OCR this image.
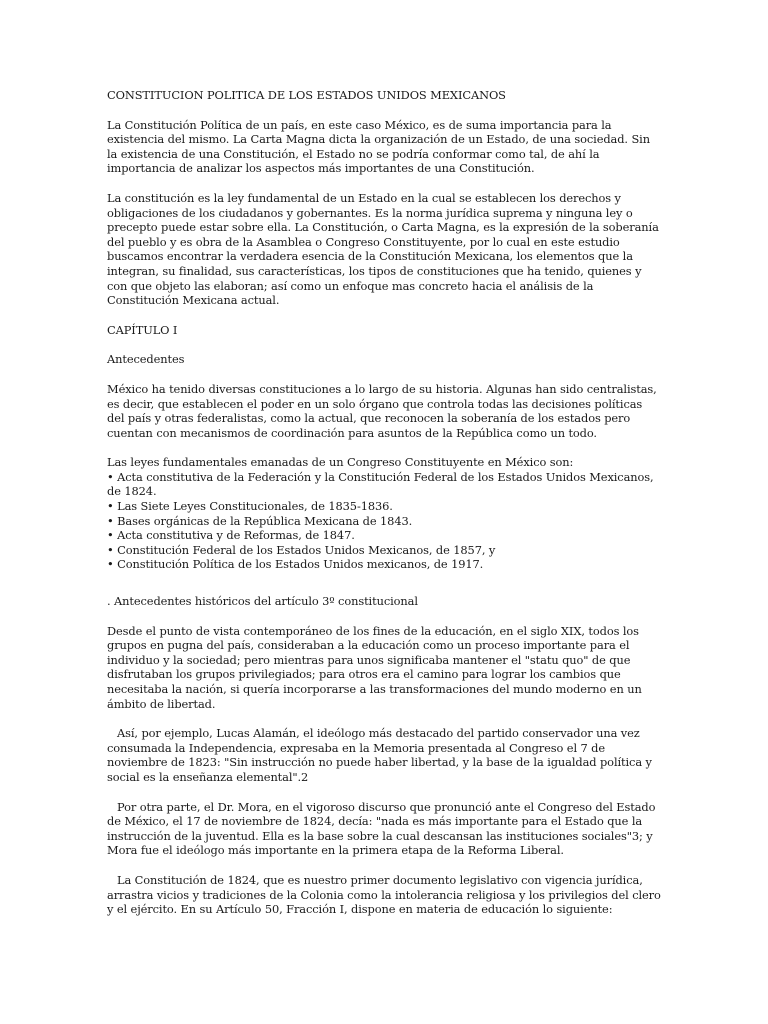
CONSTITUCION POLITICA DE LOS ESTADOS UNIDOS MEXICANOS

La Constitución Política de un país, en este caso México, es de suma importancia para la existencia del mismo. La Carta Magna dicta la organización de un Estado, de una sociedad. Sin la existencia de una Constitución, el Estado no se podría conformar como tal, de ahí la importancia de analizar los aspectos más importantes de una Constitución.

La constitución es la ley fundamental de un Estado en la cual se establecen los derechos y obligaciones de los ciudadanos y gobernantes. Es la norma jurídica suprema y ninguna ley o precepto puede estar sobre ella. La Constitución, o Carta Magna, es la expresión de la soberanía del pueblo y es obra de la Asamblea o Congreso Constituyente, por lo cual en este estudio buscamos encontrar la verdadera esencia de la Constitución Mexicana, los elementos que la integran, su finalidad, sus características, los tipos de constituciones que ha tenido, quienes y con que objeto las elaboran; así como un enfoque mas concreto hacia el análisis de la Constitución Mexicana actual.

CAPÍTULO I

Antecedentes

México ha tenido diversas constituciones a lo largo de su historia. Algunas han sido centralistas, es decir, que establecen el poder en un solo órgano que controla todas las decisiones políticas del país y otras federalistas, como la actual, que reconocen la soberanía de los estados pero cuentan con mecanismos de coordinación para asuntos de la República como un todo.

Las leyes fundamentales emanadas de un Congreso Constituyente en México son:

• Acta constitutiva de la Federación y la Constitución Federal de los Estados Unidos Mexicanos, de 1824.
• Las Siete Leyes Constitucionales, de 1835-1836.
• Bases orgánicas de la República Mexicana de 1843.
• Acta constitutiva y de Reformas, de 1847.
• Constitución Federal de los Estados Unidos Mexicanos, de 1857, y
• Constitución Política de los Estados Unidos mexicanos, de 1917.

. Antecedentes históricos del artículo 3º constitucional

Desde el punto de vista contemporáneo de los fines de la educación, en el siglo XIX, todos los grupos en pugna del país, consideraban a la educación como un proceso importante para el individuo y la sociedad; pero mientras para unos significaba mantener el "statu quo" de que disfrutaban los grupos privilegiados; para otros era el camino para lograr los cambios que necesitaba la nación, si quería incorporarse a las transformaciones del mundo moderno en un ámbito de libertad.

Así, por ejemplo, Lucas Alamán, el ideólogo más destacado del partido conservador una vez consumada la Independencia, expresaba en la Memoria presentada al Congreso el 7 de noviembre de 1823: "Sin instrucción no puede haber libertad, y la base de la igualdad política y social es la enseñanza elemental".2

Por otra parte, el Dr. Mora, en el vigoroso discurso que pronunció ante el Congreso del Estado de México, el 17 de noviembre de 1824, decía: "nada es más importante para el Estado que la instrucción de la juventud. Ella es la base sobre la cual descansan las instituciones sociales"3; y Mora fue el ideólogo más importante en la primera etapa de la Reforma Liberal.

La Constitución de 1824, que es nuestro primer documento legislativo con vigencia jurídica, arrastra vicios y tradiciones de la Colonia como la intolerancia religiosa y los privilegios del clero y el ejército. En su Artículo 50, Fracción I, dispone en materia de educación lo siguiente:
